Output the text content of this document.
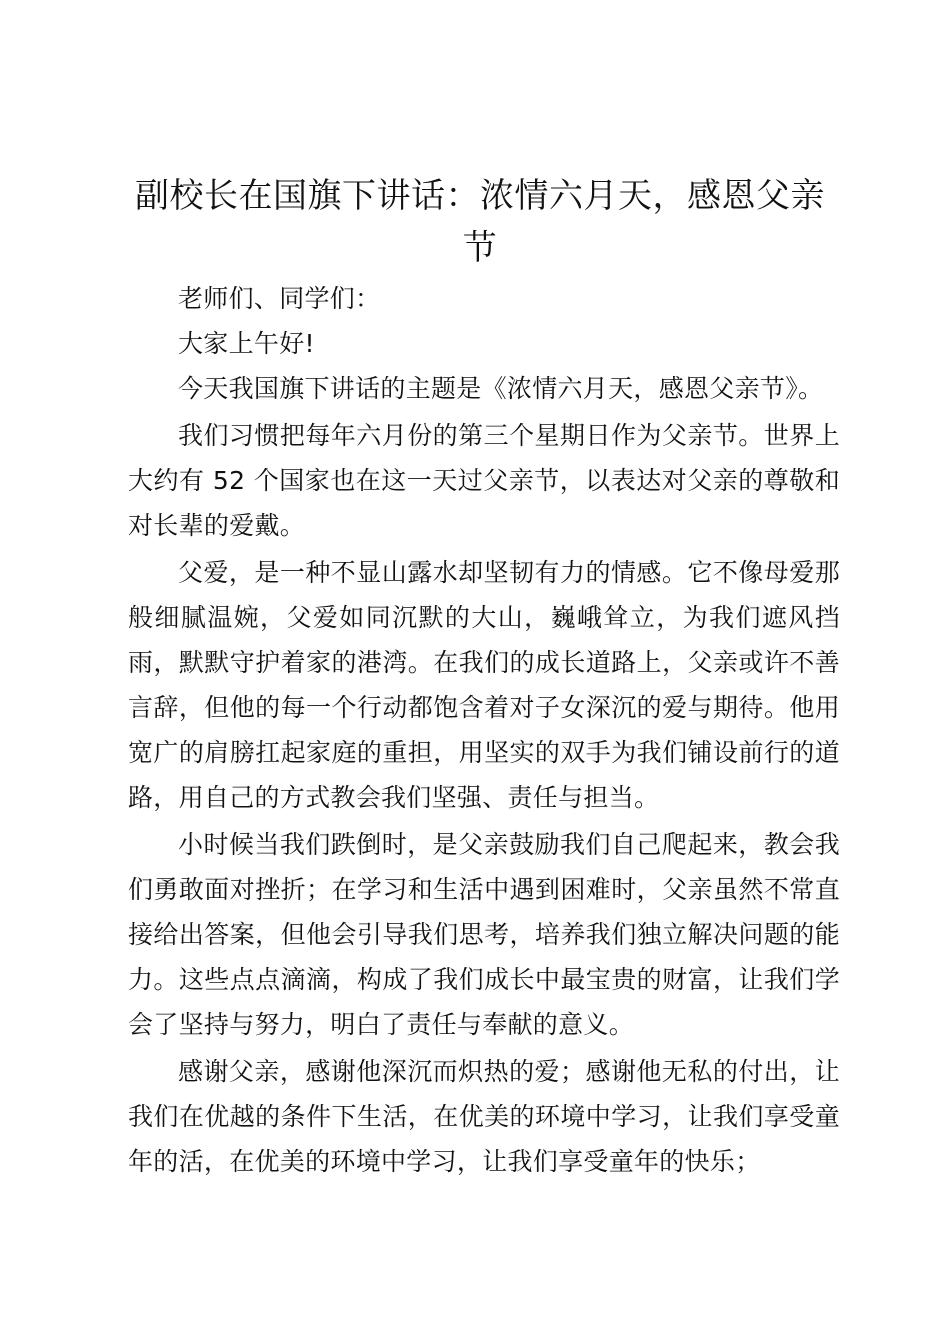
副校长在国旗下讲话：浓情六月天，感恩父亲节

老师们、同学们：

大家上午好!

今天我国旗下讲话的主题是《浓情六月天，感恩父亲节》。

我们习惯把每年六月份的第三个星期日作为父亲节。世界上大约有 52 个国家也在这一天过父亲节，以表达对父亲的尊敬和对长辈的爱戴。

父爱，是一种不显山露水却坚韧有力的情感。它不像母爱那般细腻温婉，父爱如同沉默的大山，巍峨耸立，为我们遮风挡雨，默默守护着家的港湾。在我们的成长道路上，父亲或许不善言辞，但他的每一个行动都饱含着对子女深沉的爱与期待。他用宽广的肩膀扛起家庭的重担，用坚实的双手为我们铺设前行的道路，用自己的方式教会我们坚强、责任与担当。

小时候当我们跌倒时，是父亲鼓励我们自己爬起来，教会我们勇敢面对挫折；在学习和生活中遇到困难时，父亲虽然不常直接给出答案，但他会引导我们思考，培养我们独立解决问题的能力。这些点点滴滴，构成了我们成长中最宝贵的财富，让我们学会了坚持与努力，明白了责任与奉献的意义。

感谢父亲，感谢他深沉而炽热的爱；感谢他无私的付出，让我们在优越的条件下生活，在优美的环境中学习，让我们享受童年的活，在优美的环境中学习，让我们享受童年的快乐；
